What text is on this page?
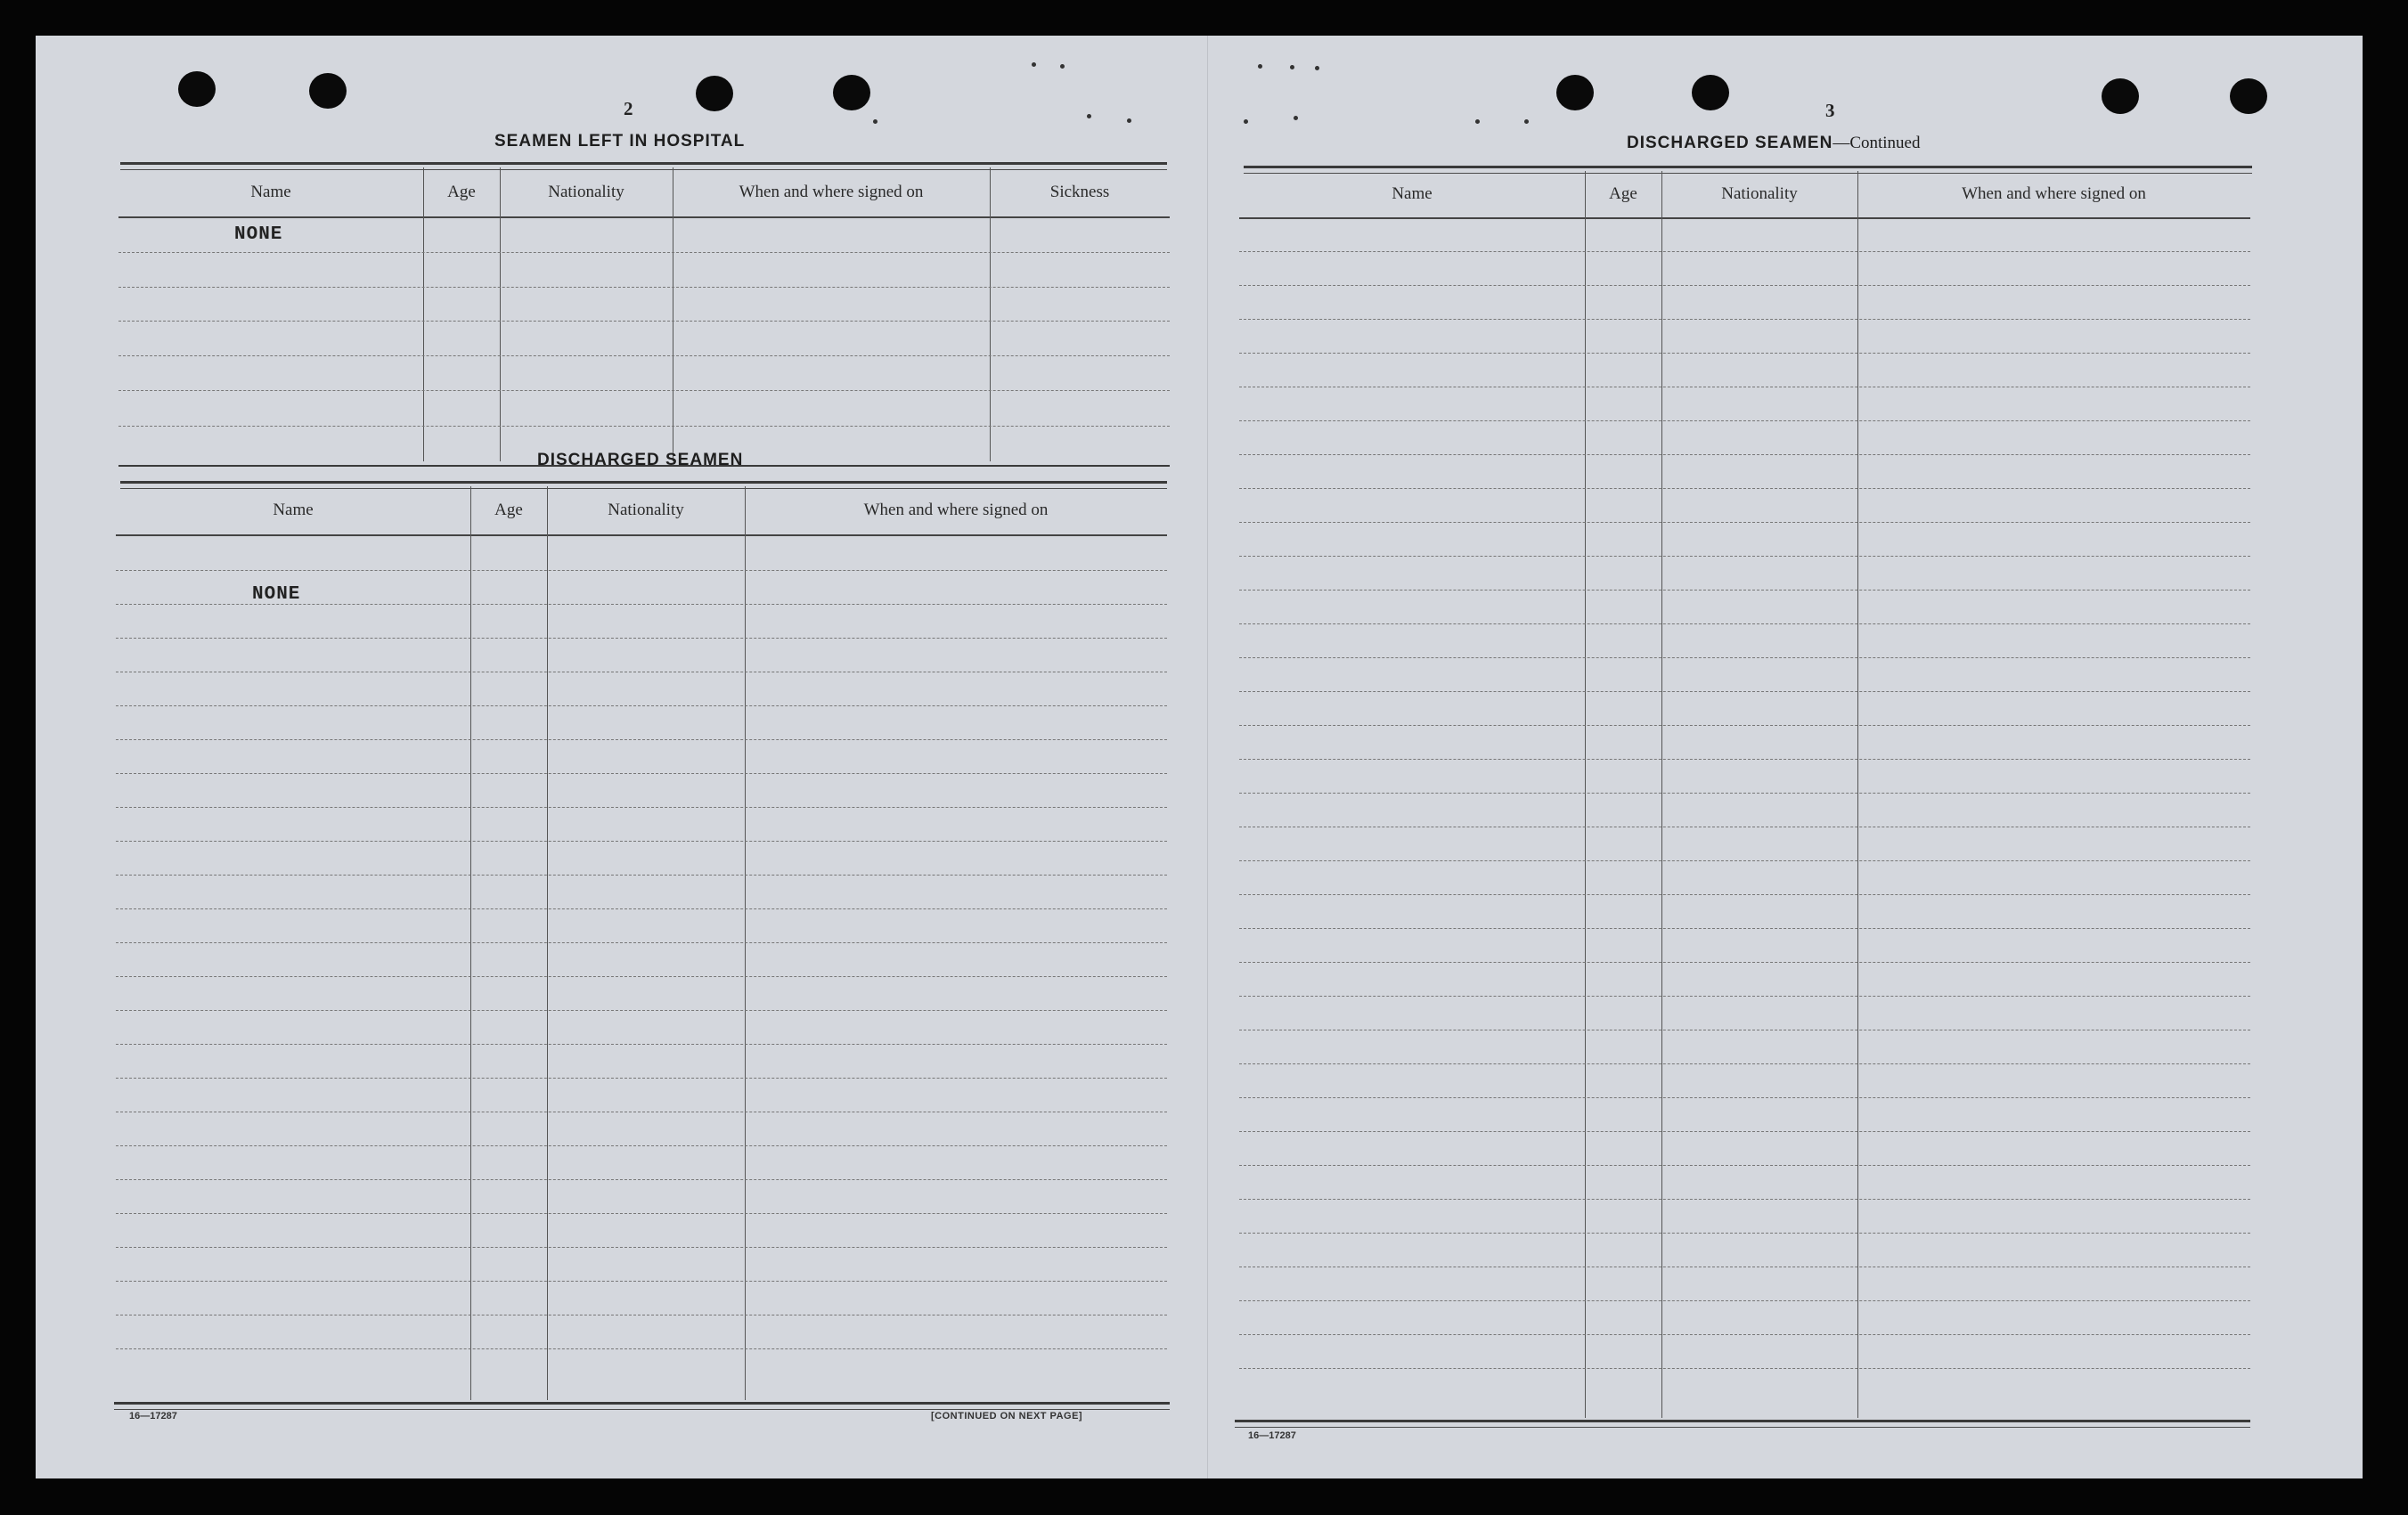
2
SEAMEN LEFT IN HOSPITAL
Name	Age	Nationality	When and where signed on	Sickness
NONE
DISCHARGED SEAMEN
Name	Age	Nationality	When and where signed on
NONE
16—17287	[CONTINUED ON NEXT PAGE]
3
DISCHARGED SEAMEN—Continued
Name	Age	Nationality	When and where signed on
16—17287
